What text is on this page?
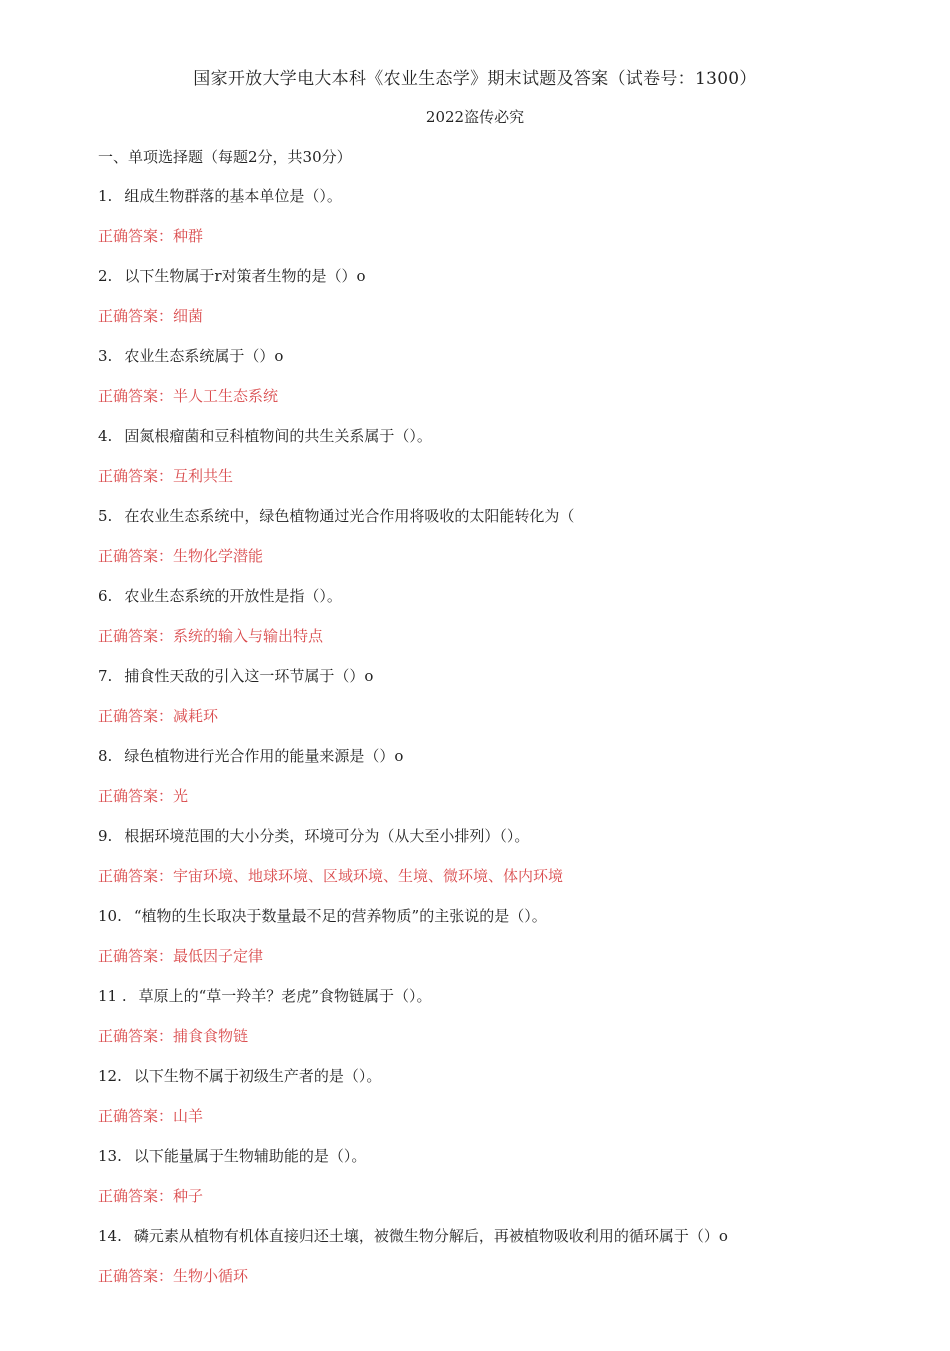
国家开放大学电大本科《农业生态学》期末试题及答案（试卷号：1300）
2022盗传必究
一、单项选择题（每题2分，共30分）
1. 组成生物群落的基本单位是（）。
正确答案：种群
2. 以下生物属于r对策者生物的是（）o
正确答案：细菌
3. 农业生态系统属于（）o
正确答案：半人工生态系统
4. 固氮根瘤菌和豆科植物间的共生关系属于（）。
正确答案：互利共生
5. 在农业生态系统中，绿色植物通过光合作用将吸收的太阳能转化为（
正确答案：生物化学潜能
6. 农业生态系统的开放性是指（）。
正确答案：系统的输入与输出特点
7. 捕食性天敌的引入这一环节属于（）o
正确答案：减耗环
8. 绿色植物进行光合作用的能量来源是（）o
正确答案：光
9. 根据环境范围的大小分类，环境可分为（从大至小排列）（）。
正确答案：宇宙环境、地球环境、区域环境、生境、微环境、体内环境
10. “植物的生长取决于数量最不足的营养物质”的主张说的是（）。
正确答案：最低因子定律
11 . 草原上的“草一羚羊？老虎”食物链属于（）。
正确答案：捕食食物链
12. 以下生物不属于初级生产者的是（）。
正确答案：山羊
13. 以下能量属于生物辅助能的是（）。
正确答案：种子
14. 磷元素从植物有机体直接归还土壤，被微生物分解后，再被植物吸收利用的循环属于（）o
正确答案：生物小循环
